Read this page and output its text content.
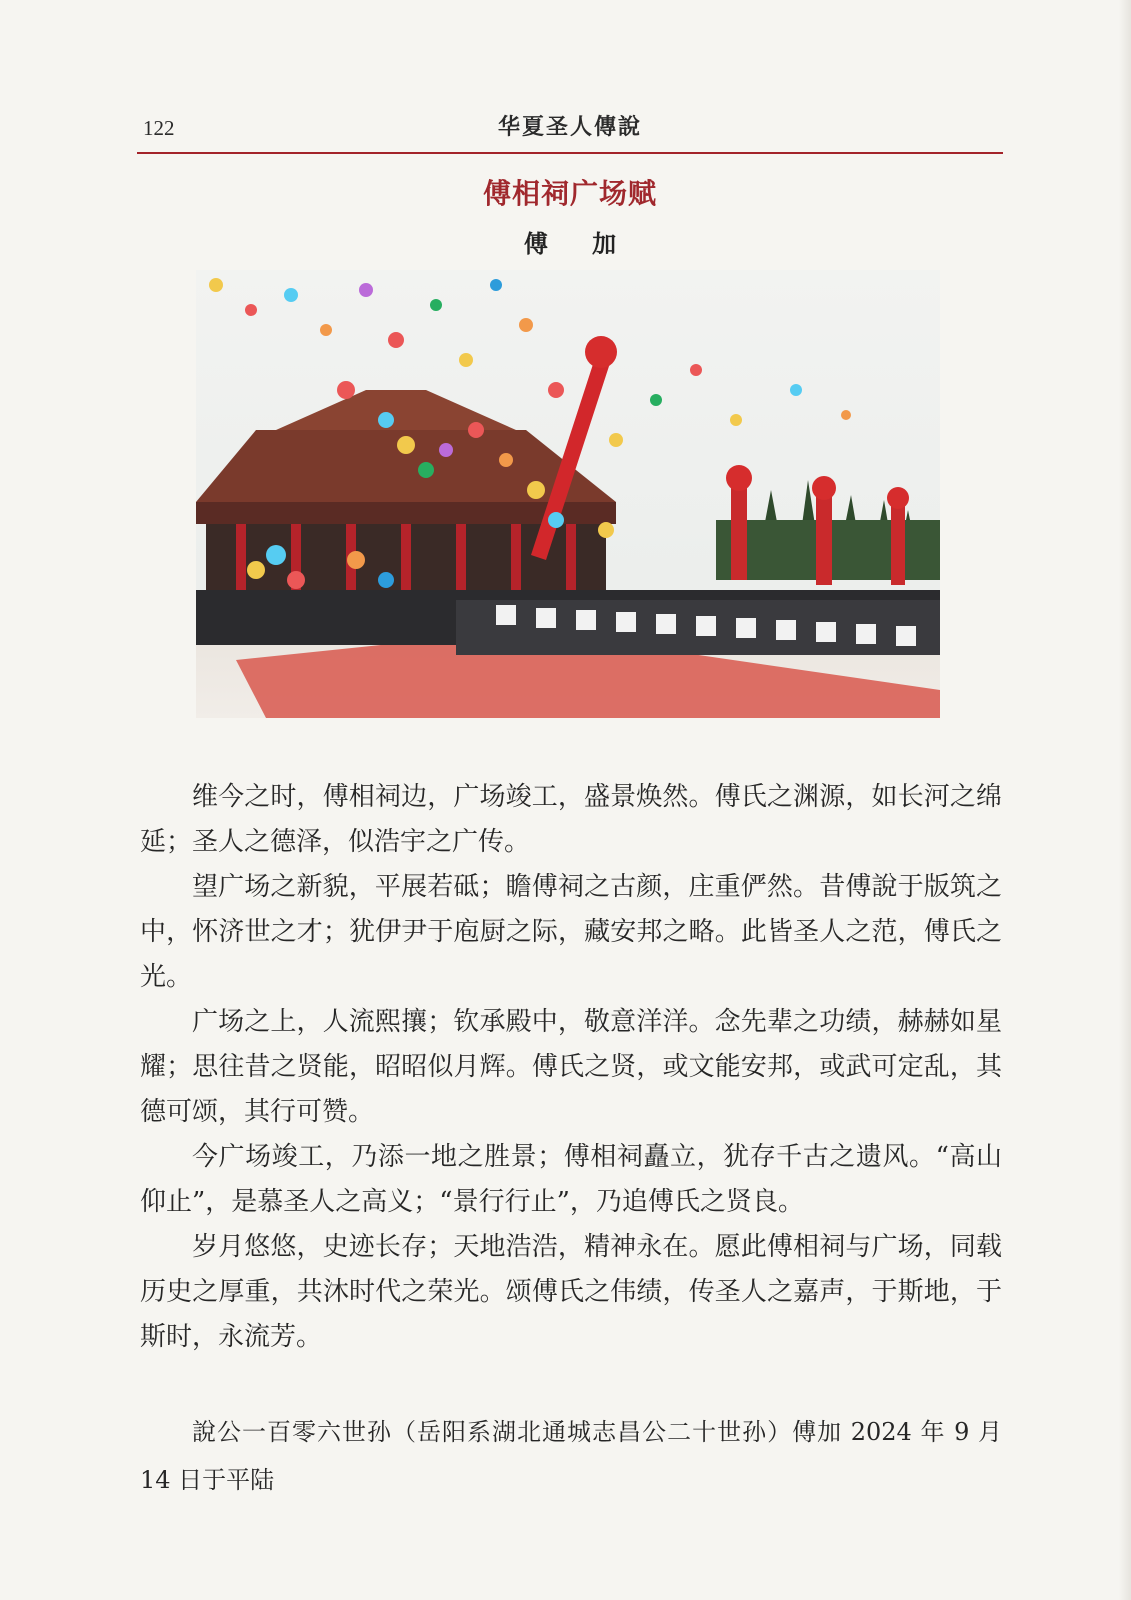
122	华夏圣人傳說
傅相祠广场赋
傅 加

维今之时，傅相祠边，广场竣工，盛景焕然。傅氏之渊源，如长河之绵延；圣人之德泽，似浩宇之广传。

望广场之新貌，平展若砥；瞻傅祠之古颜，庄重俨然。昔傅說于版筑之中，怀济世之才；犹伊尹于庖厨之际，藏安邦之略。此皆圣人之范，傅氏之光。

广场之上，人流熙攘；钦承殿中，敬意洋洋。念先辈之功绩，赫赫如星耀；思往昔之贤能，昭昭似月辉。傅氏之贤，或文能安邦，或武可定乱，其德可颂，其行可赞。

今广场竣工，乃添一地之胜景；傅相祠矗立，犹存千古之遗风。“高山仰止”，是慕圣人之高义；“景行行止”，乃追傅氏之贤良。

岁月悠悠，史迹长存；天地浩浩，精神永在。愿此傅相祠与广场，同载历史之厚重，共沐时代之荣光。颂傅氏之伟绩，传圣人之嘉声，于斯地，于斯时，永流芳。

說公一百零六世孙（岳阳系湖北通城志昌公二十世孙）傅加 2024 年 9 月 14 日于平陆
